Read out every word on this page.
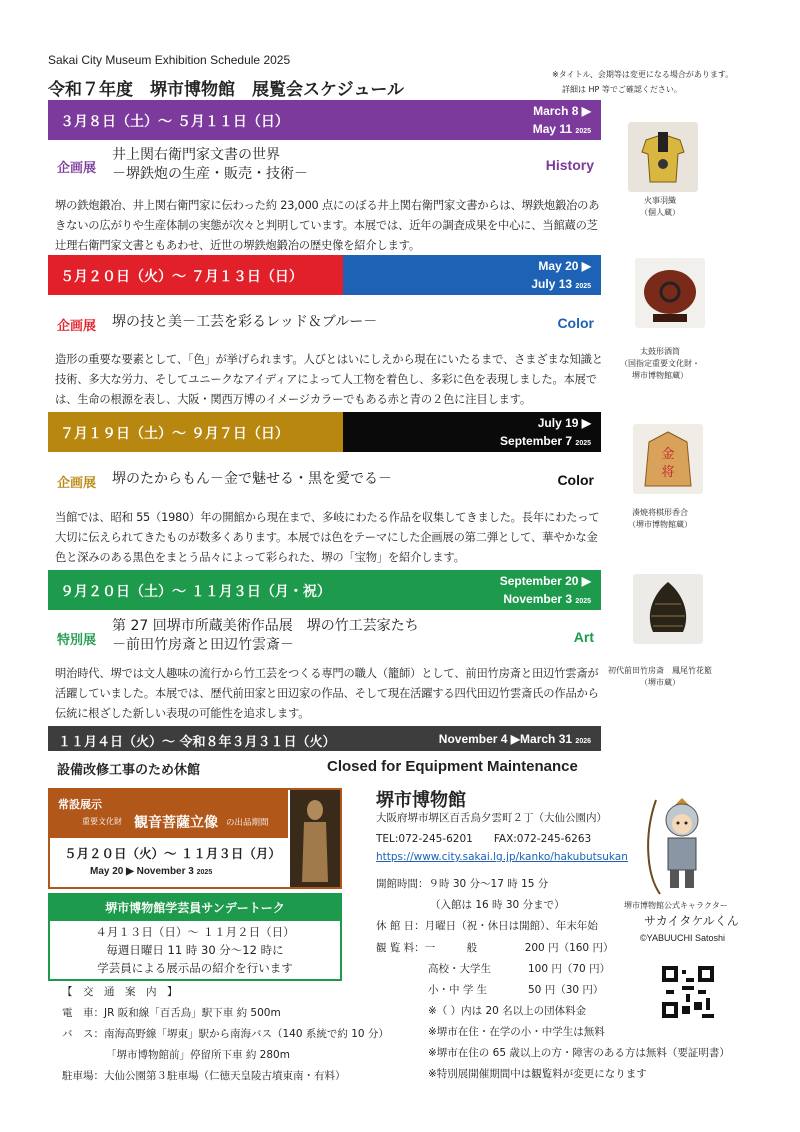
Sakai City Museum Exhibition Schedule 2025
令和７年度　堺市博物館　展覧会スケジュール
※タイトル、会期等は変更になる場合があります。
詳細は HP 等でご確認ください。
３月８日（土）～ ５月１１日（日）
March 8 ▶
May 11 2025
企画展
井上関右衛門家文書の世界
－堺鉄炮の生産・販売・技術－
History
堺の鉄炮鍛冶、井上関右衛門家に伝わった約 23,000 点にのぼる井上関右衛門家文書からは、堺鉄炮鍛冶のあきないの広がりや生産体制の実態が次々と判明しています。本展では、近年の調査成果を中心に、当館蔵の芝辻理右衛門家文書ともあわせ、近世の堺鉄炮鍛冶の歴史像を紹介します。
火事羽織
（個人蔵）
５月２０日（火）～ ７月１３日（日）
May 20 ▶
July 13 2025
企画展 堺の技と美－工芸を彩るレッド＆ブルー－	Color
造形の重要な要素として、「色」が挙げられます。人びとはいにしえから現在にいたるまで、さまざまな知識と技術、多大な労力、そしてユニークなアイディアによって人工物を着色し、多彩に色を表現しました。本展では、生命の根源を表し、大阪・関西万博のイメージカラーでもある赤と青の２色に注目します。
太鼓形酒筒
（国指定重要文化財・
堺市博物館蔵）
７月１９日（土）～ ９月７日（日）
July 19 ▶
September 7 2025
企画展 堺のたからもん－金で魅せる・黒を愛でる－	Color
当館では、昭和 55（1980）年の開館から現在まで、多岐にわたる作品を収集してきました。長年にわたって大切に伝えられてきたものが数多くあります。本展では色をテーマにした企画展の第二弾として、華やかな金色と深みのある黒色をまとう品々によって彩られた、堺の「宝物」を紹介します。
金
将
湊焼将棋形香合
（堺市博物館蔵）
９月２０日（土）～ １１月３日（月・祝）
September 20 ▶
November 3 2025
特別展
第 27 回堺市所蔵美術作品展　堺の竹工芸家たち
－前田竹房斎と田辺竹雲斎－	Art
明治時代、堺では文人趣味の流行から竹工芸をつくる専門の職人（籠師）として、前田竹房斎と田辺竹雲斎が活躍していました。本展では、歴代前田家と田辺家の作品、そして現在活躍する四代田辺竹雲斎氏の作品から伝統に根ざした新しい表現の可能性を追求します。
初代前田竹房斎　鳳尾竹花籃
（堺市蔵）
１１月４日（火）～ 令和８年３月３１日（火）	November 4 ▶March 31 2026
設備改修工事のため休館	Closed for Equipment Maintenance
常設展示
重要文化財 観音菩薩立像 の出品期間
５月２０日（火）～ １１月３日（月）
May 20 ▶ November 3 2025
堺市博物館学芸員サンデートーク
４月１３日（日）～ １１月２日（日）
毎週日曜日 11 時 30 分～12 時に
学芸員による展示品の紹介を行います
【　交　通　案　内　】
電　車：JR 阪和線「百舌鳥」駅下車 約 500m
バ　ス：南海高野線「堺東」駅から南海バス（140 系統で約 10 分）
「堺市博物館前」停留所下車 約 280m
駐車場：大仙公園第３駐車場（仁徳天皇陵古墳東南・有料）
堺市博物館
大阪府堺市堺区百舌鳥夕雲町２丁（大仙公園内）
TEL:072-245-6201　　FAX:072-245-6263
https://www.city.sakai.lg.jp/kanko/hakubutsukan
開館時間：９時 30 分～17 時 15 分
（入館は 16 時 30 分まで）
休 館 日：月曜日（祝・休日は開館）、年末年始
観 覧 料：一　　　般	200 円（160 円）
高校・大学生	100 円（70 円）
小・中 学 生	50 円（30 円）
※（ ）内は 20 名以上の団体料金
※堺市在住・在学の小・中学生は無料
※堺市在住の 65 歳以上の方・障害のある方は無料（要証明書）
※特別展開催期間中は観覧料が変更になります
堺市博物館公式キャラクター
サカイタケルくん
©YABUUCHI Satoshi
